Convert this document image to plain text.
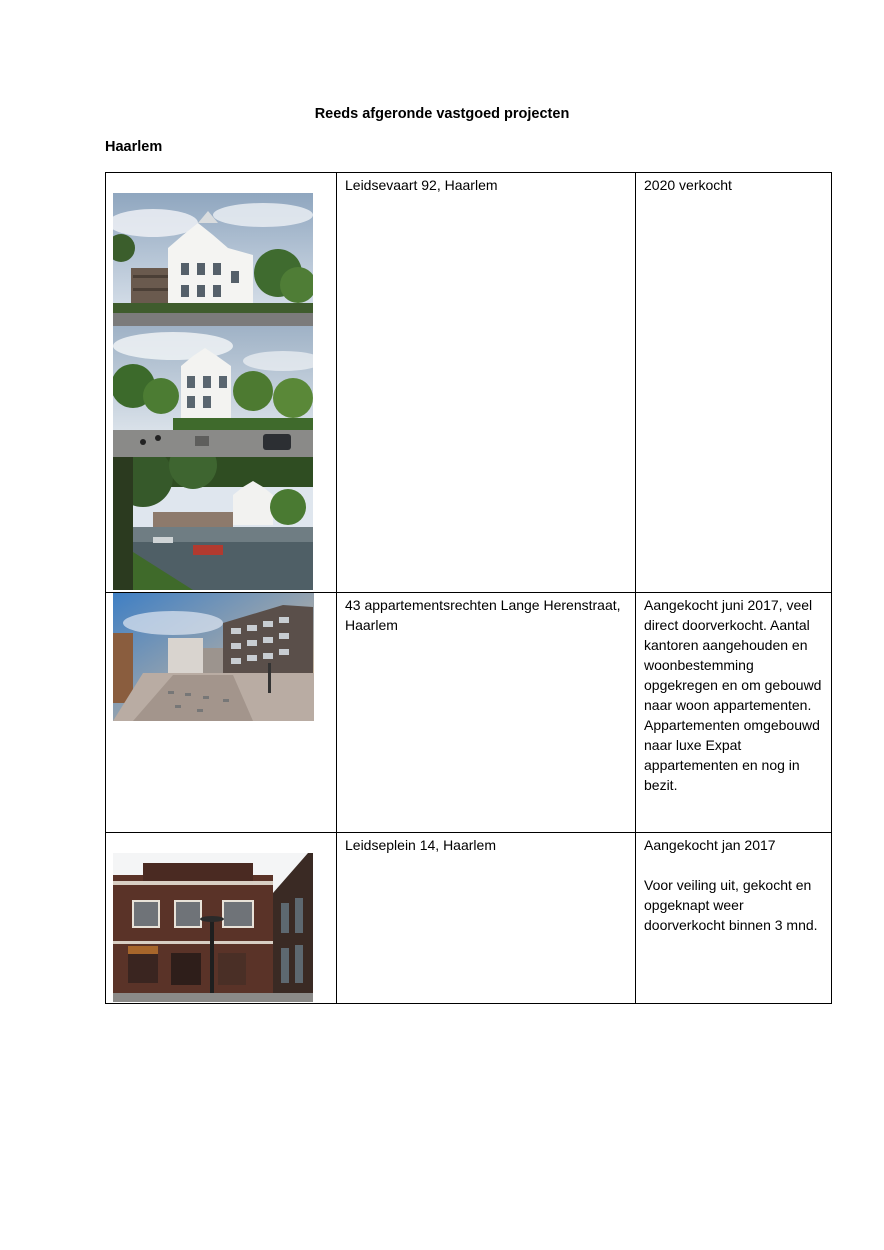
Reeds afgeronde vastgoed projecten
Haarlem

Leidsevaart 92, Haarlem	2020 verkocht

43 appartementsrechten Lange Herenstraat, Haarlem	Aangekocht juni 2017, veel direct doorverkocht. Aantal kantoren aangehouden en woonbestemming opgekregen en om gebouwd naar woon appartementen. Appartementen omgebouwd naar luxe Expat appartementen en nog in bezit.

Leidseplein 14, Haarlem	Aangekocht jan 2017

Voor veiling uit, gekocht en opgeknapt weer doorverkocht binnen 3 mnd.
